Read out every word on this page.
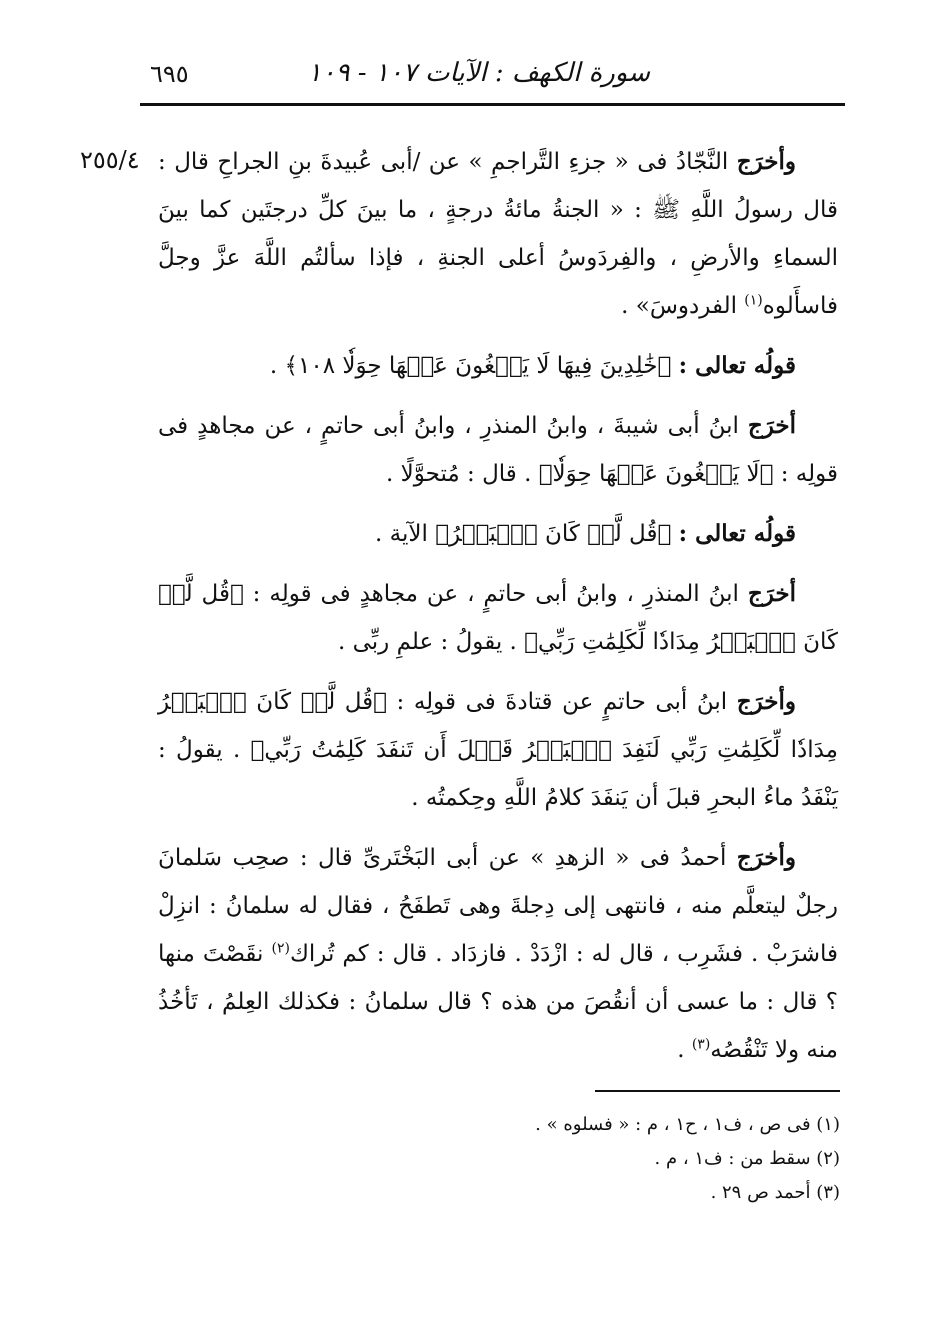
سورة الكهف : الآيات ١٠٧ - ١٠٩
٦٩٥
٢٥٥/٤	وأخرَج النَّجّادُ فى « جزءِ التَّراجمِ » عن /أبى عُبيدةَ بنِ الجراحِ قال : قال رسولُ اللَّهِ ﷺ : « الجنةُ مائةُ درجةٍ ، ما بينَ كلِّ درجتَين كما بينَ السماءِ والأرضِ ، والفِردَوسُ أعلى الجنةِ ، فإذا سألتُم اللَّهَ عزَّ وجلَّ فاسأَلوه$^{(١)}$ الفردوسَ» .

قولُه تعالى : ﴿خَٰلِدِينَ فِيهَا لَا يَبۡغُونَ عَنۡهَا حِوَلٗا ١٠٨﴾ .

أخرَج ابنُ أبى شيبةَ ، وابنُ المنذرِ ، وابنُ أبى حاتمٍ ، عن مجاهدٍ فى قولِه : ﴿لَا يَبۡغُونَ عَنۡهَا حِوَلٗا﴾ . قال : مُتحوَّلًا .

قولُه تعالى : ﴿قُل لَّوۡ كَانَ ٱلۡبَحۡرُ﴾ الآية .

أخرَج ابنُ المنذرِ ، وابنُ أبى حاتمٍ ، عن مجاهدٍ فى قولِه : ﴿قُل لَّوۡ كَانَ ٱلۡبَحۡرُ مِدَادٗا لِّكَلِمَٰتِ رَبِّي﴾ . يقولُ : علمِ ربِّى .

وأخرَج ابنُ أبى حاتمٍ عن قتادةَ فى قولِه : ﴿قُل لَّوۡ كَانَ ٱلۡبَحۡرُ مِدَادٗا لِّكَلِمَٰتِ رَبِّي لَنَفِدَ ٱلۡبَحۡرُ قَبۡلَ أَن تَنفَدَ كَلِمَٰتُ رَبِّي﴾ . يقولُ : يَنْفَدُ ماءُ البحرِ قبلَ أن يَنفَدَ كلامُ اللَّهِ وحِكمتُه .

وأخرَج أحمدُ فى « الزهدِ » عن أبى البَخْتَرىِّ قال : صحِب سَلمانَ رجلٌ ليتعلَّم منه ، فانتهى إلى دِجلةَ وهى تَطفَحُ ، فقال له سلمانُ : انزِلْ فاشرَبْ . فشَرِب ، قال له : ازْدَدْ . فازدَاد . قال : كم تُراك$^{(٢)}$ نقَصْتَ منها ؟ قال : ما عسى أن أنقُصَ من هذه ؟ قال سلمانُ : فكذلك العِلمُ ، تَأخُذُ منه ولا تَنْقُصُه$^{(٣)}$ .

(١) فى ص ، ف١ ، ح١ ، م : « فسلوه » .
(٢) سقط من : ف١ ، م .
(٣) أحمد ص ٢٩ .
